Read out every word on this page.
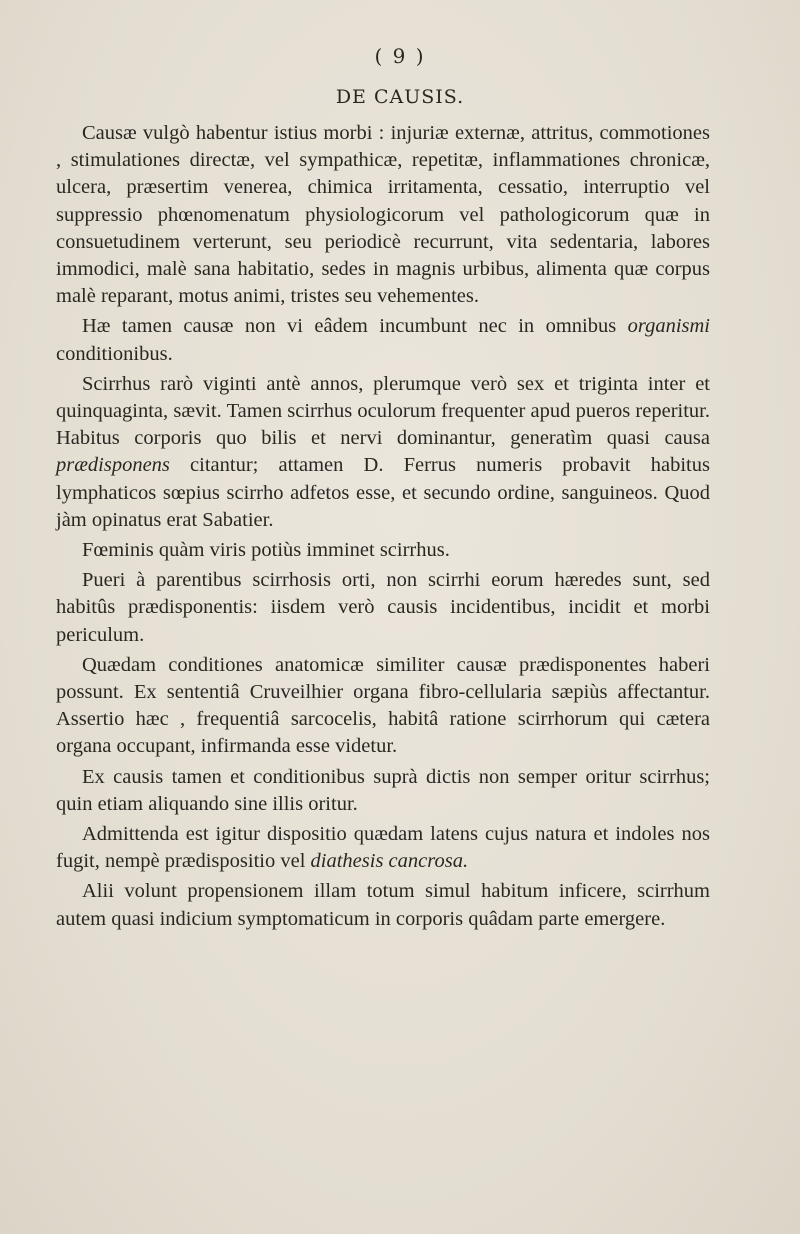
( 9 )
DE CAUSIS.

Causæ vulgò habentur istius morbi : injuriæ externæ, attritus, commotiones , stimulationes directæ, vel sympathicæ, repetitæ, inflammationes chronicæ, ulcera, præsertim venerea, chimica irritamenta, cessatio, interruptio vel suppressio phœnomenatum physiologicorum vel pathologicorum quæ in consuetudinem verterunt, seu periodicè recurrunt, vita sedentaria, labores immodici, malè sana habitatio, sedes in magnis urbibus, alimenta quæ corpus malè reparant, motus animi, tristes seu vehementes.

Hæ tamen causæ non vi eâdem incumbunt nec in omnibus organismi conditionibus.

Scirrhus rarò viginti antè annos, plerumque verò sex et triginta inter et quinquaginta, sævit. Tamen scirrhus oculorum frequenter apud pueros reperitur. Habitus corporis quo bilis et nervi dominantur, generatìm quasi causa prædisponens citantur; attamen D. Ferrus numeris probavit habitus lymphaticos sœpius scirrho adfetos esse, et secundo ordine, sanguineos. Quod jàm opinatus erat Sabatier.

Fœminis quàm viris potiùs imminet scirrhus.

Pueri à parentibus scirrhosis orti, non scirrhi eorum hæredes sunt, sed habitûs prædisponentis: iisdem verò causis incidentibus, incidit et morbi periculum.

Quædam conditiones anatomicæ similiter causæ prædisponentes haberi possunt. Ex sententiâ Cruveilhier organa fibro-cellularia sæpiùs affectantur. Assertio hæc , frequentiâ sarcocelis, habitâ ratione scirrhorum qui cætera organa occupant, infirmanda esse videtur.

Ex causis tamen et conditionibus suprà dictis non semper oritur scirrhus; quin etiam aliquando sine illis oritur.

Admittenda est igitur dispositio quædam latens cujus natura et indoles nos fugit, nempè prædispositio vel diathesis cancrosa.

Alii volunt propensionem illam totum simul habitum inficere, scirrhum autem quasi indicium symptomaticum in corporis quâdam parte emergere.
